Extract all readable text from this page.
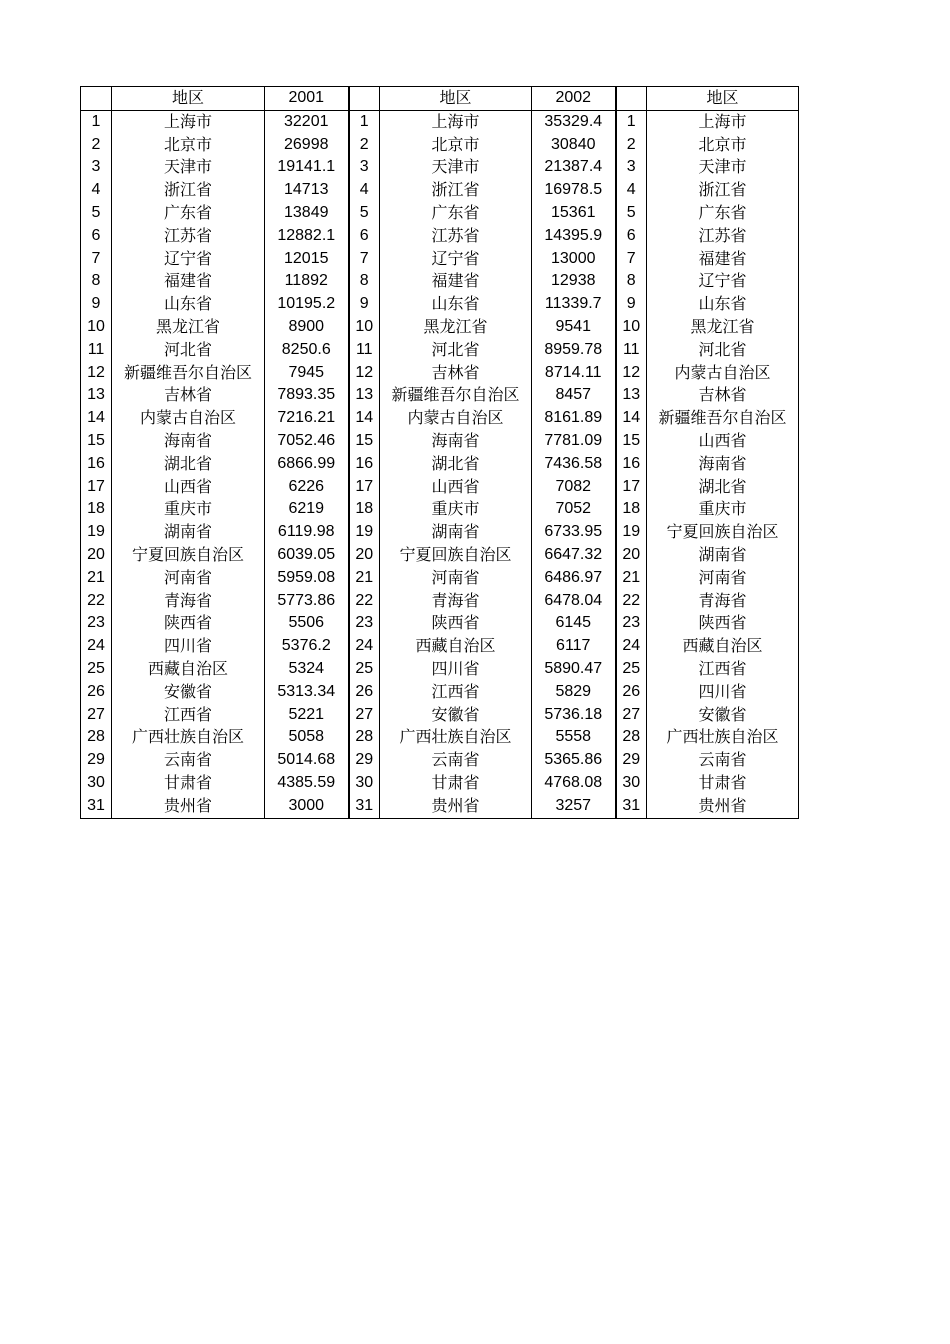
	地区	2001		地区	2002		地区
1	上海市	32201	1	上海市	35329.4	1	上海市
2	北京市	26998	2	北京市	30840	2	北京市
3	天津市	19141.1	3	天津市	21387.4	3	天津市
4	浙江省	14713	4	浙江省	16978.5	4	浙江省
5	广东省	13849	5	广东省	15361	5	广东省
6	江苏省	12882.1	6	江苏省	14395.9	6	江苏省
7	辽宁省	12015	7	辽宁省	13000	7	福建省
8	福建省	11892	8	福建省	12938	8	辽宁省
9	山东省	10195.2	9	山东省	11339.7	9	山东省
10	黑龙江省	8900	10	黑龙江省	9541	10	黑龙江省
11	河北省	8250.6	11	河北省	8959.78	11	河北省
12	新疆维吾尔自治区	7945	12	吉林省	8714.11	12	内蒙古自治区
13	吉林省	7893.35	13	新疆维吾尔自治区	8457	13	吉林省
14	内蒙古自治区	7216.21	14	内蒙古自治区	8161.89	14	新疆维吾尔自治区
15	海南省	7052.46	15	海南省	7781.09	15	山西省
16	湖北省	6866.99	16	湖北省	7436.58	16	海南省
17	山西省	6226	17	山西省	7082	17	湖北省
18	重庆市	6219	18	重庆市	7052	18	重庆市
19	湖南省	6119.98	19	湖南省	6733.95	19	宁夏回族自治区
20	宁夏回族自治区	6039.05	20	宁夏回族自治区	6647.32	20	湖南省
21	河南省	5959.08	21	河南省	6486.97	21	河南省
22	青海省	5773.86	22	青海省	6478.04	22	青海省
23	陕西省	5506	23	陕西省	6145	23	陕西省
24	四川省	5376.2	24	西藏自治区	6117	24	西藏自治区
25	西藏自治区	5324	25	四川省	5890.47	25	江西省
26	安徽省	5313.34	26	江西省	5829	26	四川省
27	江西省	5221	27	安徽省	5736.18	27	安徽省
28	广西壮族自治区	5058	28	广西壮族自治区	5558	28	广西壮族自治区
29	云南省	5014.68	29	云南省	5365.86	29	云南省
30	甘肃省	4385.59	30	甘肃省	4768.08	30	甘肃省
31	贵州省	3000	31	贵州省	3257	31	贵州省
